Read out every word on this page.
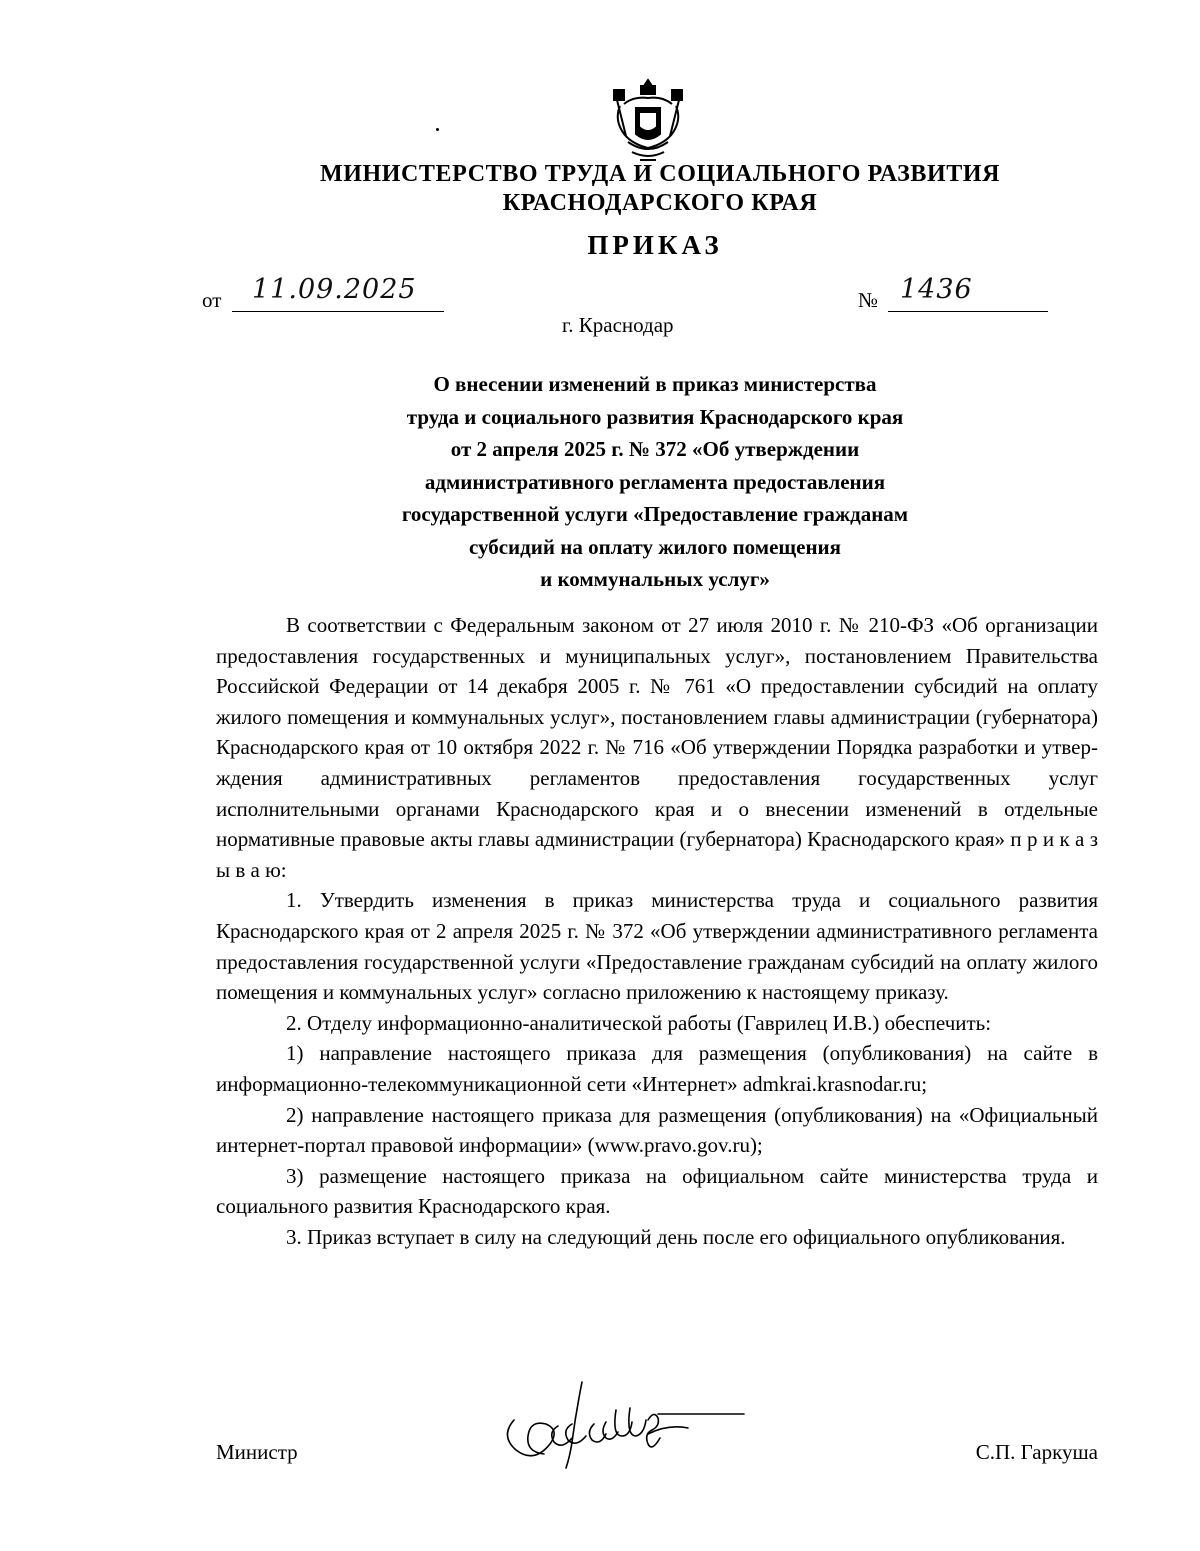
МИНИСТЕРСТВО ТРУДА И СОЦИАЛЬНОГО РАЗВИТИЯ
КРАСНОДАРСКОГО КРАЯ
ПРИКАЗ
от 11.09.2025	№ 1436
г. Краснодар
О внесении изменений в приказ министерства
труда и социального развития Краснодарского края
от 2 апреля 2025 г. № 372 «Об утверждении
административного регламента предоставления
государственной услуги «Предоставление гражданам
субсидий на оплату жилого помещения
и коммунальных услуг»

В соответствии с Федеральным законом от 27 июля 2010 г. № 210-ФЗ «Об организации предоставления государственных и муниципальных услуг», постановлением Правительства Российской Федерации от 14 декабря 2005 г. № 761 «О предоставлении субсидий на оплату жилого помещения и коммунальных услуг», постановлением главы администрации (губернатора) Краснодарского края от 10 октября 2022 г. № 716 «Об утверждении Порядка разработки и утверждения административных регламентов предоставления государственных услуг исполнительными органами Краснодарского края и о внесении изменений в отдельные нормативные правовые акты главы администрации (губернатора) Краснодарского края» п р и к а з ы в а ю:

1. Утвердить изменения в приказ министерства труда и социального развития Краснодарского края от 2 апреля 2025 г. № 372 «Об утверждении административного регламента предоставления государственной услуги «Предоставление гражданам субсидий на оплату жилого помещения и коммунальных услуг» согласно приложению к настоящему приказу.

2. Отделу информационно-аналитической работы (Гаврилец И.В.) обеспечить:

1) направление настоящего приказа для размещения (опубликования) на сайте в информационно-телекоммуникационной сети «Интернет» admkrai.krasnodar.ru;

2) направление настоящего приказа для размещения (опубликования) на «Официальный интернет-портал правовой информации» (www.pravo.gov.ru);

3) размещение настоящего приказа на официальном сайте министерства труда и социального развития Краснодарского края.

3. Приказ вступает в силу на следующий день после его официального опубликования.

Министр	С.П. Гаркуша
